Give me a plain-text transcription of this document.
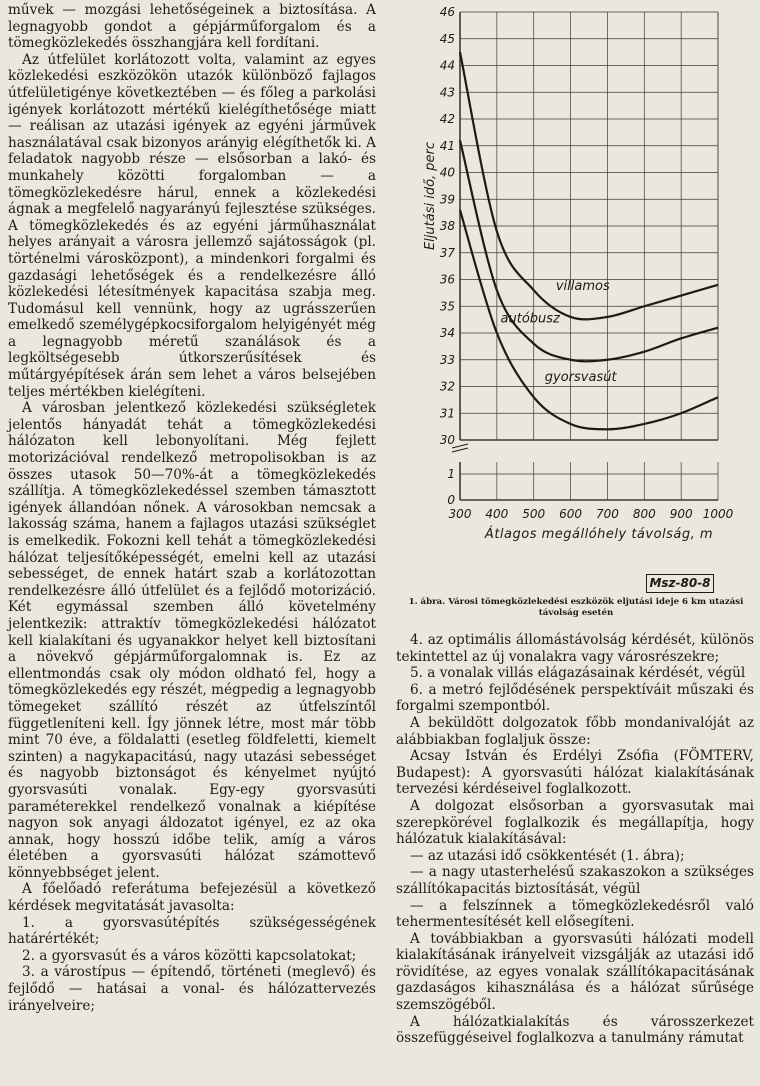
művek — mozgási lehetőségeinek a biztosítása. A legnagyobb gondot a gépjárműforgalom és a tömegközlekedés összhangjára kell fordítani.

Az útfelület korlátozott volta, valamint az egyes közlekedési eszközökön utazók különböző fajlagos útfelületigénye következtében — és főleg a parkolási igények korlátozott mértékű kielégíthetősége miatt — reálisan az utazási igények az egyéni járművek használatával csak bizonyos arányig elégíthetők ki. A feladatok nagyobb része — elsősorban a lakó- és munkahely közötti forgalomban — a tömegközlekedésre hárul, ennek a közlekedési ágnak a megfelelő nagyarányú fejlesztése szükséges. A tömegközlekedés és az egyéni járműhasználat helyes arányait a városra jellemző sajátosságok (pl. történelmi városközpont), a mindenkori forgalmi és gazdasági lehetőségek és a rendelkezésre álló közlekedési létesítmények kapacitása szabja meg. Tudomásul kell vennünk, hogy az ugrásszerűen emelkedő személygépkocsiforgalom helyigényét még a legnagyobb méretű szanálások és a legköltségesebb útkorszerűsítések és műtárgyépítések árán sem lehet a város belsejében teljes mértékben kielégíteni.

A városban jelentkező közlekedési szükségletek jelentős hányadát tehát a tömegközlekedési hálózaton kell lebonyolítani. Még fejlett motorizációval rendelkező metropolisokban is az összes utasok 50—70%-át a tömegközlekedés szállítja. A tömegközlekedéssel szemben támasztott igények állandóan nőnek. A városokban nemcsak a lakosság száma, hanem a fajlagos utazási szükséglet is emelkedik. Fokozni kell tehát a tömegközlekedési hálózat teljesítőképességét, emelni kell az utazási sebességet, de ennek határt szab a korlátozottan rendelkezésre álló útfelület és a fejlődő motorizáció. Két egymással szemben álló követelmény jelentkezik: attraktív tömegközlekedési hálózatot kell kialakítani és ugyanakkor helyet kell biztosítani a növekvő gépjárműforgalomnak is. Ez az ellentmondás csak oly módon oldható fel, hogy a tömegközlekedés egy részét, mégpedig a legnagyobb tömegeket szállító részét az útfelszíntől függetleníteni kell. Így jönnek létre, most már több mint 70 éve, a földalatti (esetleg földfeletti, kiemelt szinten) a nagykapacitású, nagy utazási sebességet és nagyobb biztonságot és kényelmet nyújtó gyorsvasúti vonalak. Egy-egy gyorsvasúti paraméterekkel rendelkező vonalnak a kiépítése nagyon sok anyagi áldozatot igényel, ez az oka annak, hogy hosszú időbe telik, amíg a város életében a gyorsvasúti hálózat számottevő könnyebbséget jelent.

A főelőadó referátuma befejezésül a következő kérdések megvitatását javasolta:

1. a gyorsvasútépítés szükségességének határértékét;

2. a gyorsvasút és a város közötti kapcsolatokat;

3. a várostípus — építendő, történeti (meglevő) és fejlődő — hatásai a vonal- és hálózattervezés irányelveire;

30
31
32
33
34
35
36
37
38
39
40
41
42
43
44
45
46
1
0
300 400 500 600 700 800 900 1000
Átlagos megállóhely távolság, m
Eljutási idő, perc
villamos
autóbusz
gyorsvasút
Msz-80-8
1. ábra. Városi tömegközlekedési eszközök eljutási ideje 6 km utazási távolság esetén

4. az optimális állomástávolság kérdését, különös tekintettel az új vonalakra vagy városrészekre;

5. a vonalak villás elágazásainak kérdését, végül

6. a metró fejlődésének perspektíváit műszaki és forgalmi szempontból.

A beküldött dolgozatok főbb mondanivalóját az alábbiakban foglaljuk össze:

Acsay István és Erdélyi Zsófia (FÖMTERV, Budapest): A gyorsvasúti hálózat kialakításának tervezési kérdéseivel foglalkozott.

A dolgozat elsősorban a gyorsvasutak mai szerepkörével foglalkozik és megállapítja, hogy hálózatuk kialakításával:

— az utazási idő csökkentését (1. ábra);

— a nagy utasterhelésű szakaszokon a szükséges szállítókapacitás biztosítását, végül

— a felszínnek a tömegközlekedésről való tehermentesítését kell elősegíteni.

A továbbiakban a gyorsvasúti hálózati modell kialakításának irányelveit vizsgálják az utazási idő rövidítése, az egyes vonalak szállítókapacitásának gazdaságos kihasználása és a hálózat sűrűsége szemszögéből.

A hálózatkialakítás és városszerkezet összefüggéseivel foglalkozva a tanulmány rámutat
